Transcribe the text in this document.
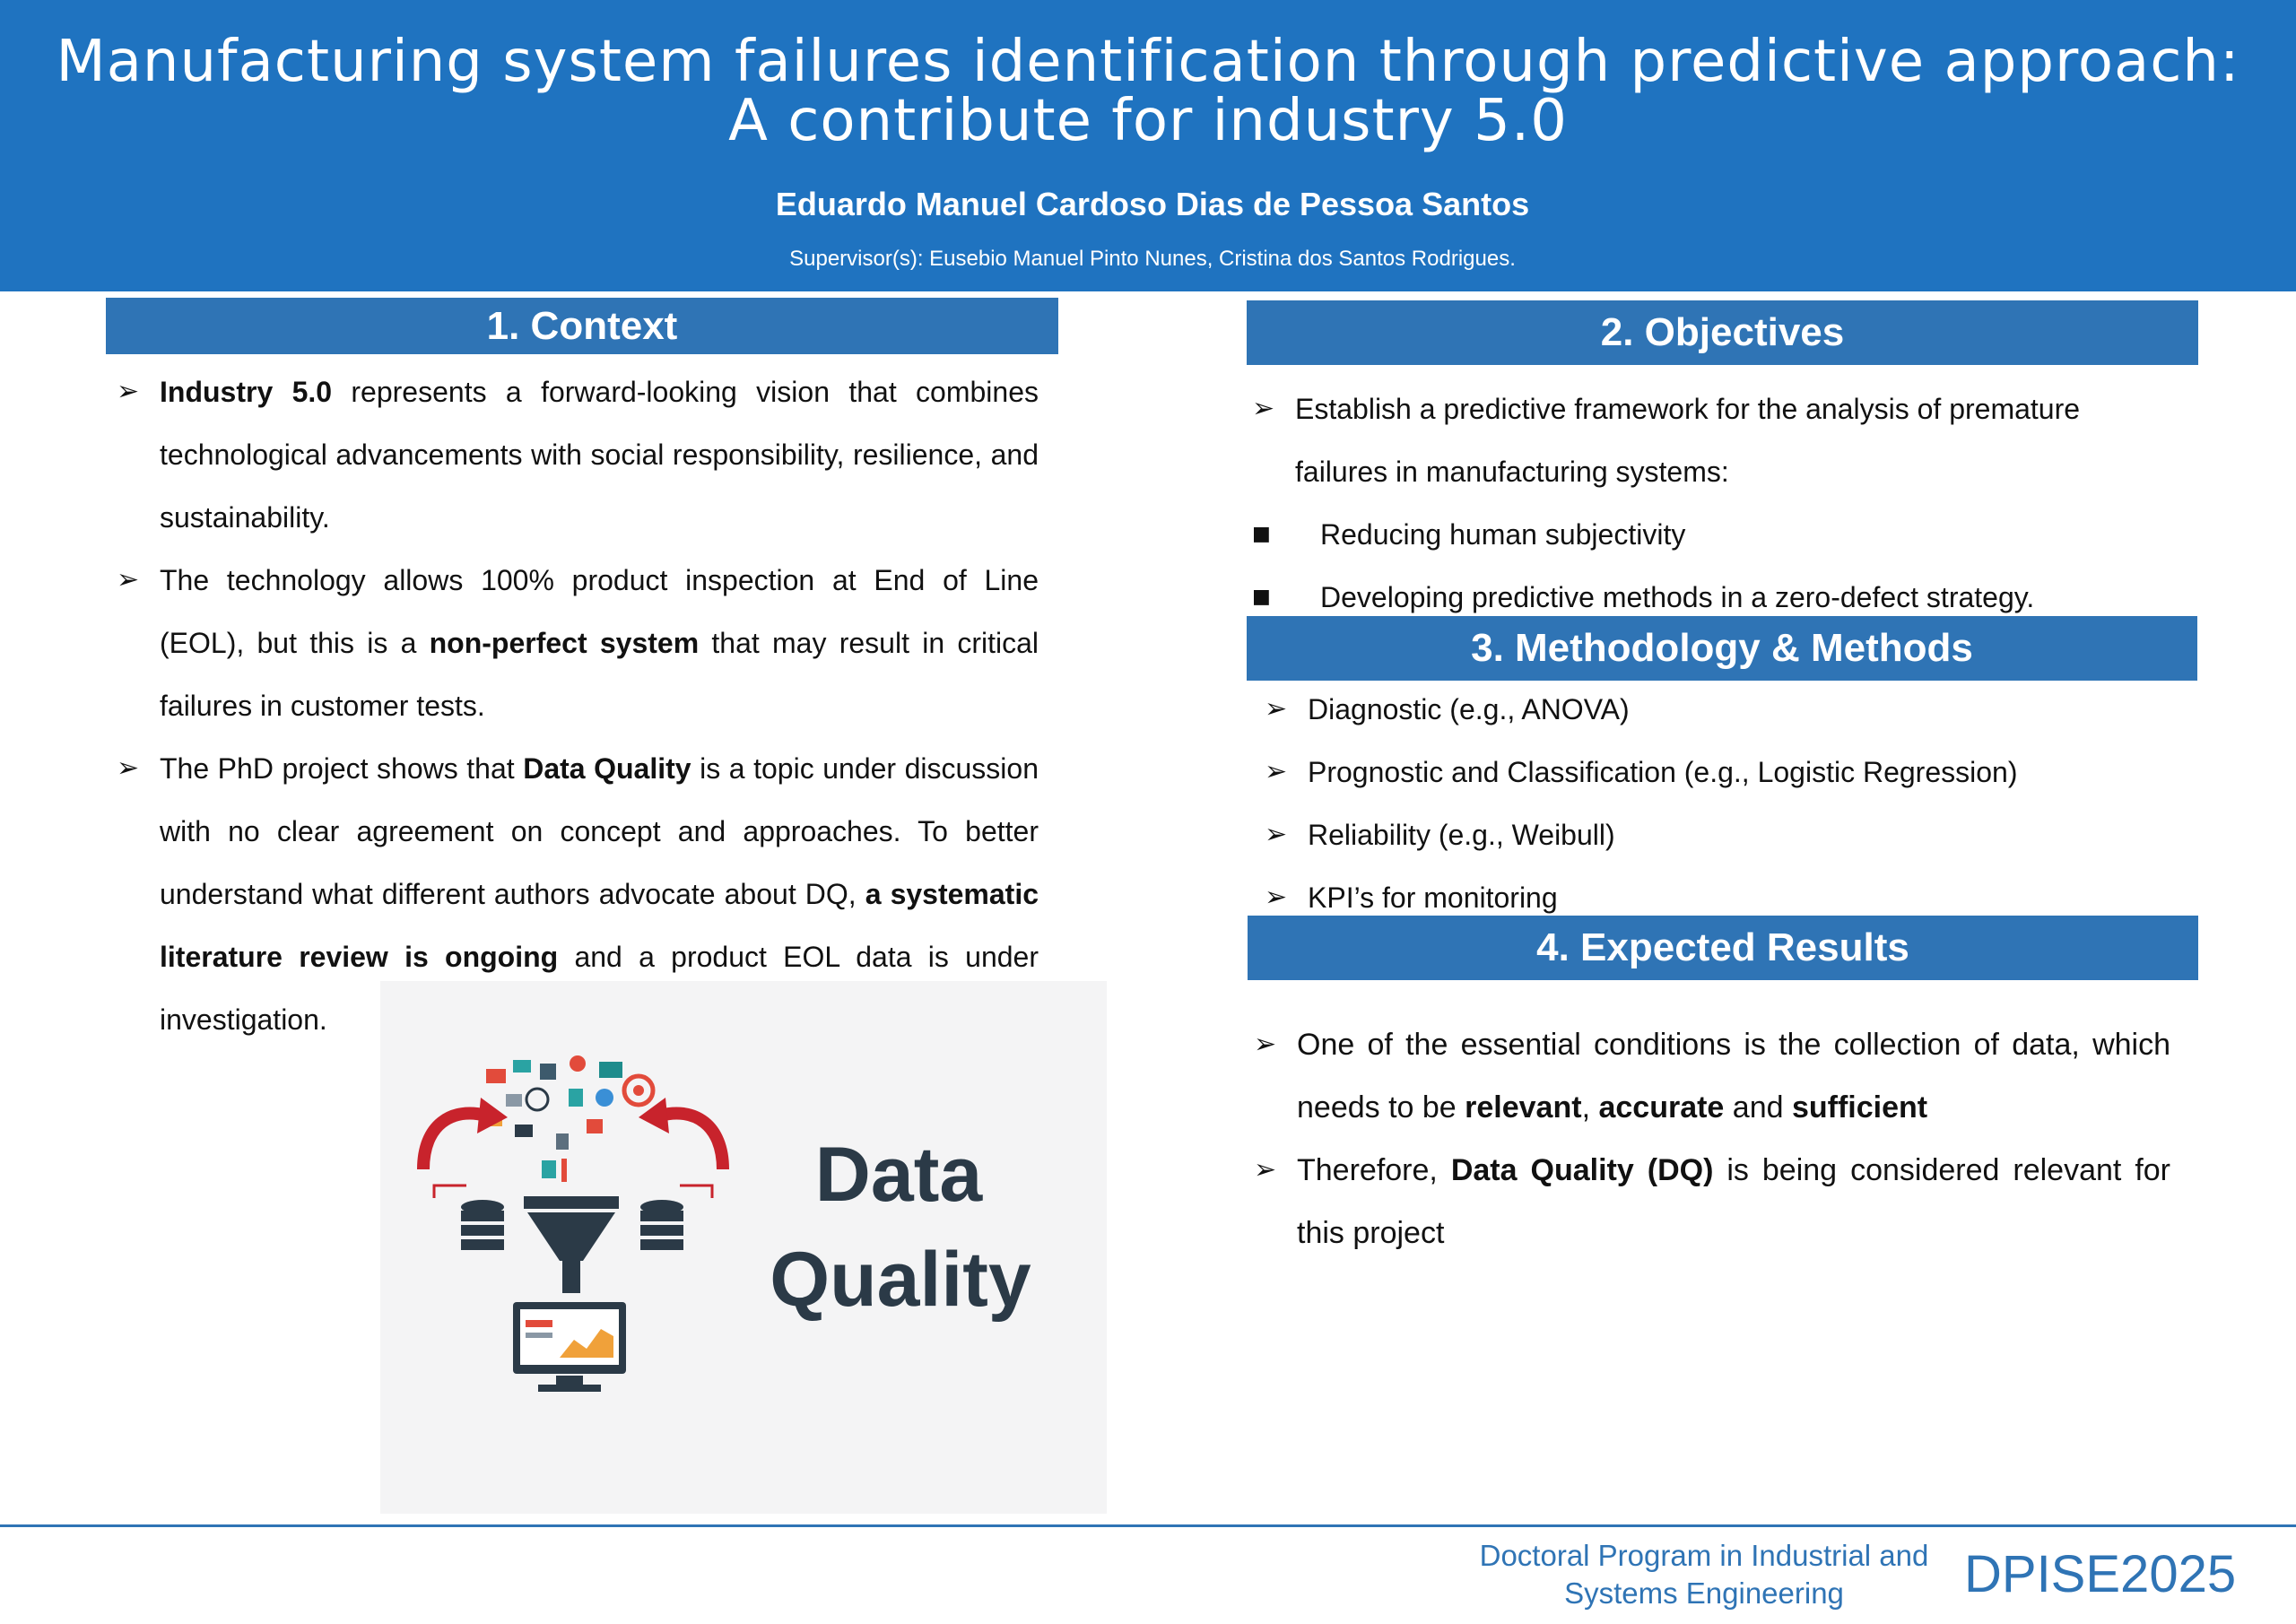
Manufacturing system failures identification through predictive approach:
A contribute for industry 5.0
Eduardo Manuel Cardoso Dias de Pessoa Santos
Supervisor(s): Eusebio Manuel Pinto Nunes, Cristina dos Santos Rodrigues.
1. Context
➢ Industry 5.0 represents a forward-looking vision that combines technological advancements with social responsibility, resilience, and sustainability.
➢ The technology allows 100% product inspection at End of Line (EOL), but this is a non-perfect system that may result in critical failures in customer tests.
➢ The PhD project shows that Data Quality is a topic under discussion with no clear agreement on concept and approaches. To better understand what different authors advocate about DQ, a systematic literature review is ongoing and a product EOL data is under investigation.
Data
Quality
2. Objectives
➢ Establish a predictive framework for the analysis of premature failures in manufacturing systems:
■ Reducing human subjectivity
■ Developing predictive methods in a zero-defect strategy.
3. Methodology & Methods
➢ Diagnostic (e.g., ANOVA)
➢ Prognostic and Classification (e.g., Logistic Regression)
➢ Reliability (e.g., Weibull)
➢ KPI’s for monitoring
4. Expected Results
➢ One of the essential conditions is the collection of data, which needs to be relevant, accurate and sufficient
➢ Therefore, Data Quality (DQ) is being considered relevant for this project
Doctoral Program in Industrial and
Systems Engineering	DPISE2025
